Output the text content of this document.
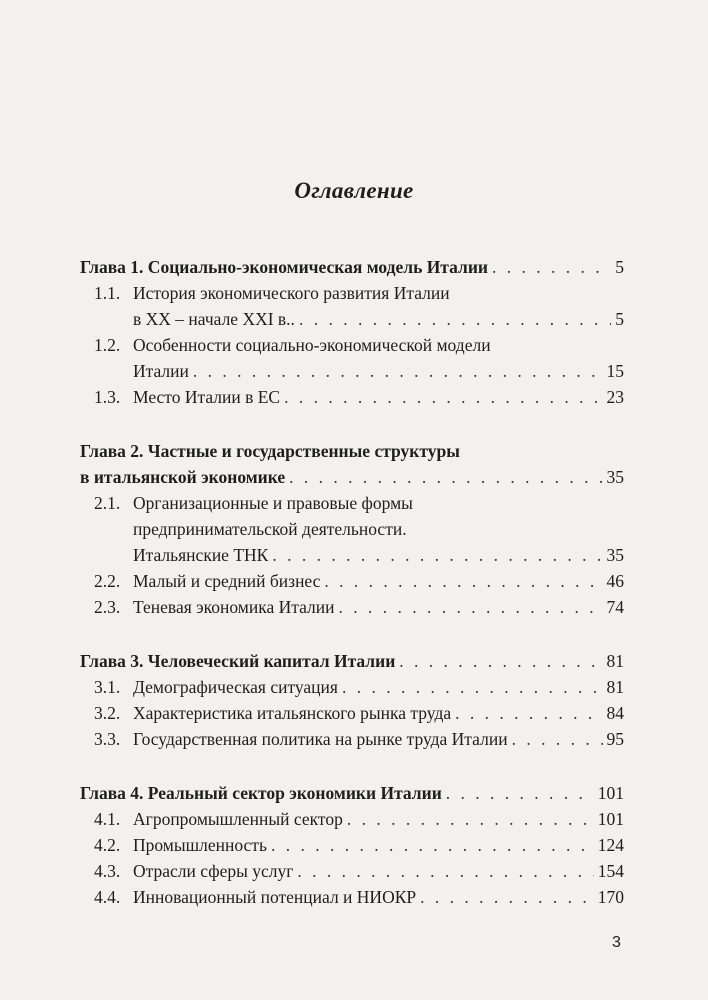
Оглавление
Глава 1. Социально-экономическая модель Италии . . .	5
1.1. История экономического развития Италии
в ХХ – начале ХХI в.. . . .	5
1.2. Особенности социально-экономической модели
Италии . . .	15
1.3. Место Италии в ЕС . . .	23
Глава 2. Частные и государственные структуры
в итальянской экономике . . .	35
2.1. Организационные и правовые формы
предпринимательской деятельности.
Итальянские ТНК . . .	35
2.2. Малый и средний бизнес . . .	46
2.3. Теневая экономика Италии . . .	74
Глава 3. Человеческий капитал Италии . . .	81
3.1. Демографическая ситуация . . .	81
3.2. Характеристика итальянского рынка труда . . .	84
3.3. Государственная политика на рынке труда Италии . . .	95
Глава 4. Реальный сектор экономики Италии . . .	101
4.1. Агропромышленный сектор . . .	101
4.2. Промышленность . . .	124
4.3. Отрасли сферы услуг . . .	154
4.4. Инновационный потенциал и НИОКР . . .	170
3
